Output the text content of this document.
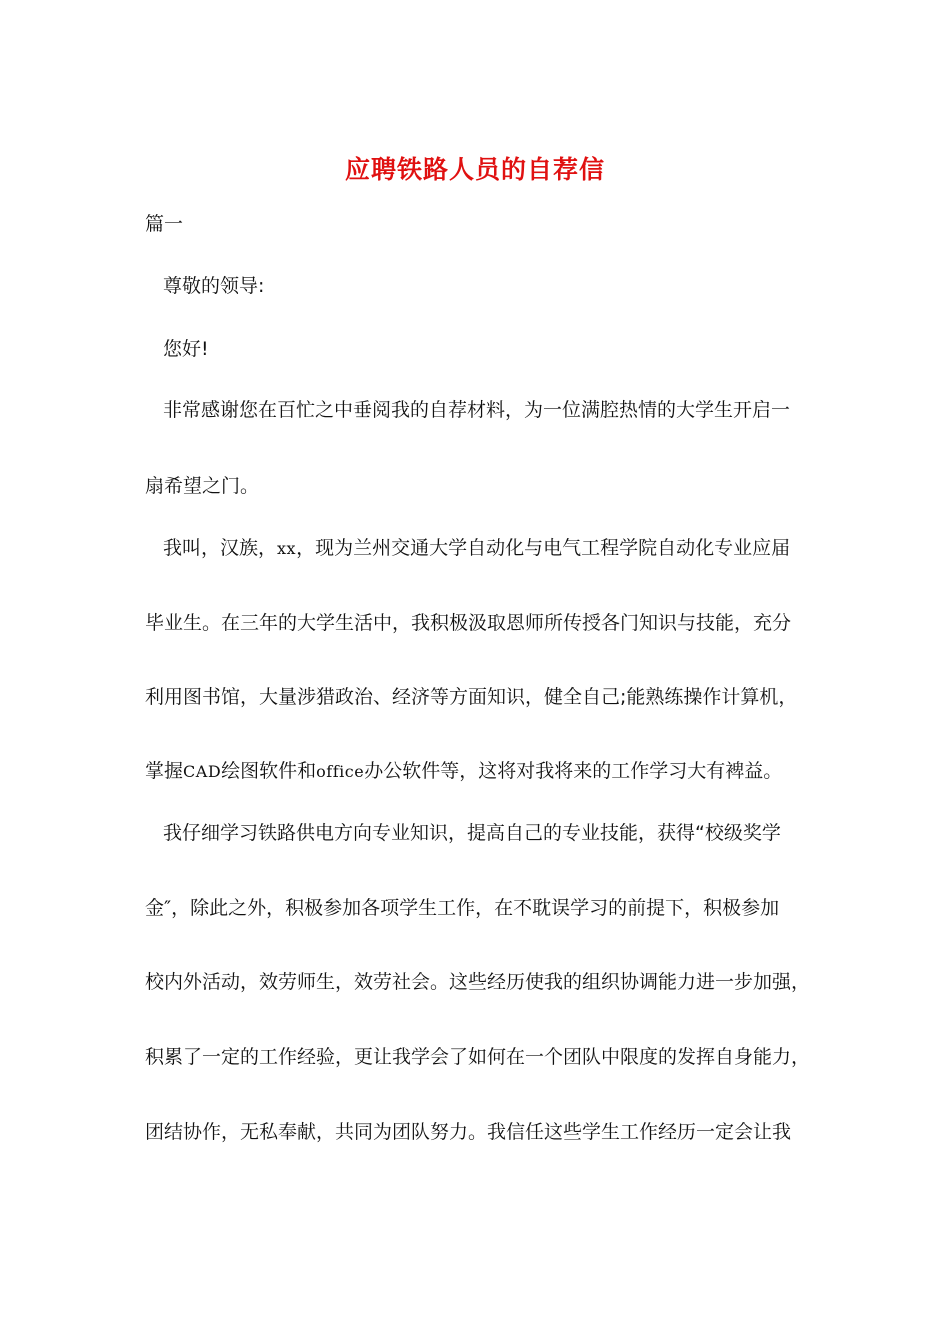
应聘铁路人员的自荐信
篇一
尊敬的领导:
您好!
非常感谢您在百忙之中垂阅我的自荐材料，为一位满腔热情的大学生开启一
扇希望之门。
我叫，汉族，xx，现为兰州交通大学自动化与电气工程学院自动化专业应届
毕业生。在三年的大学生活中，我积极汲取恩师所传授各门知识与技能，充分
利用图书馆，大量涉猎政治、经济等方面知识，健全自己;能熟练操作计算机，
掌握CAD绘图软件和office办公软件等，这将对我将来的工作学习大有裨益。
我仔细学习铁路供电方向专业知识，提高自己的专业技能，获得“校级奖学
金″，除此之外，积极参加各项学生工作，在不耽误学习的前提下，积极参加
校内外活动，效劳师生，效劳社会。这些经历使我的组织协调能力进一步加强，
积累了一定的工作经验，更让我学会了如何在一个团队中限度的发挥自身能力，
团结协作，无私奉献，共同为团队努力。我信任这些学生工作经历一定会让我
